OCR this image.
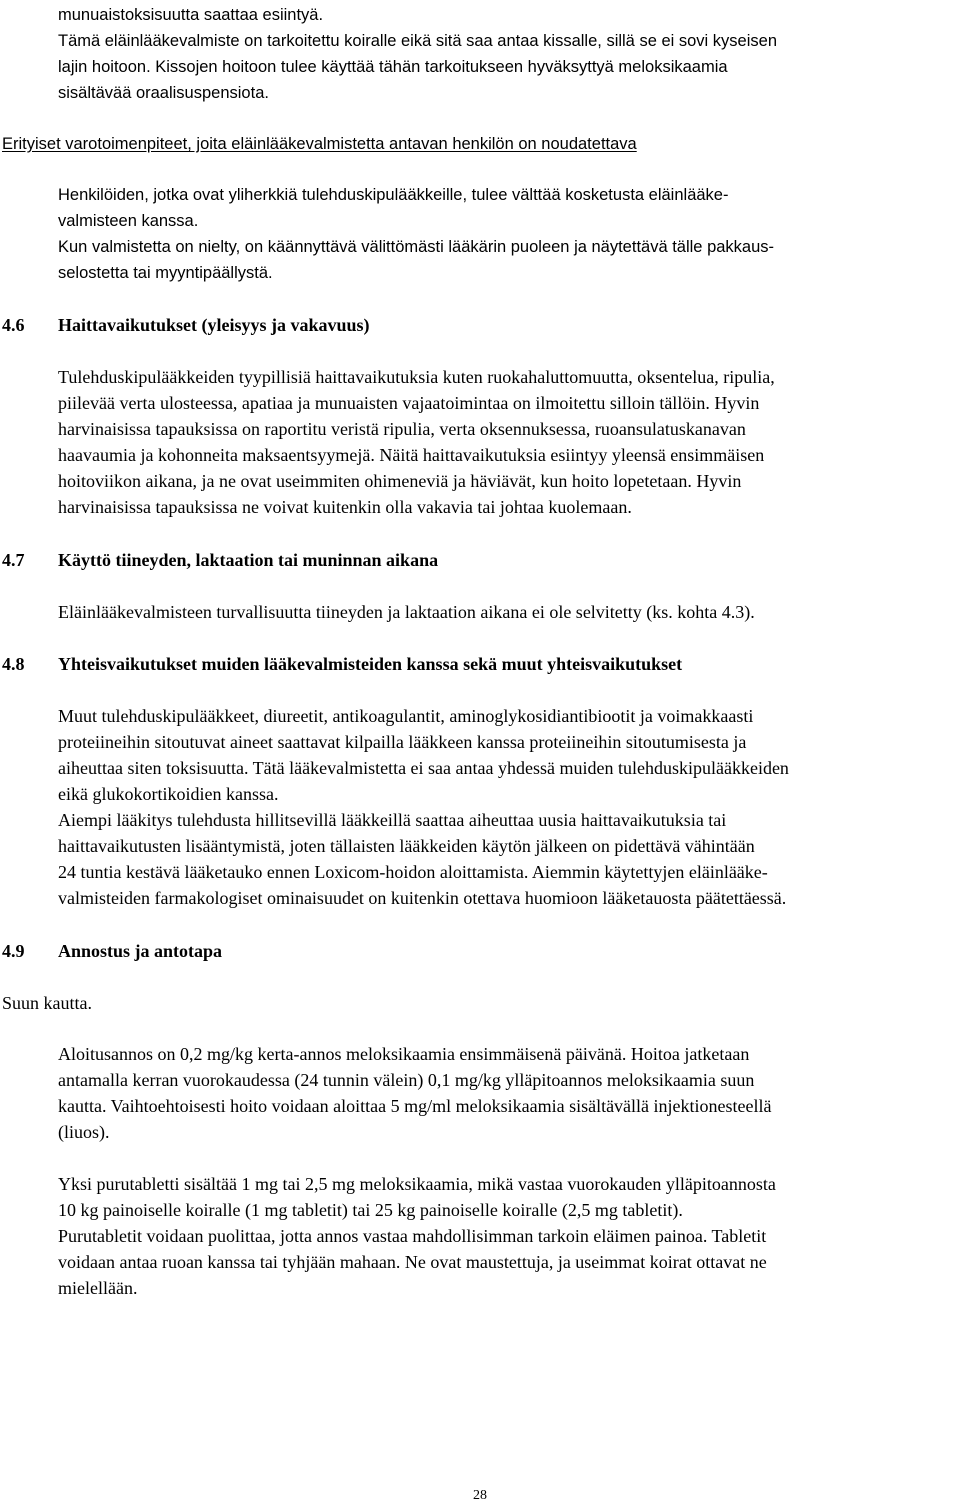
munuaistoksisuutta saattaa esiintyä.
Tämä eläinlääkevalmiste on tarkoitettu koiralle eikä sitä saa antaa kissalle, sillä se ei sovi kyseisen
lajin hoitoon. Kissojen hoitoon tulee käyttää tähän tarkoitukseen hyväksyttyä meloksikaamia
sisältävää oraalisuspensiota.
Erityiset varotoimenpiteet, joita eläinlääkevalmistetta antavan henkilön on noudatettava
Henkilöiden, jotka ovat yliherkkiä tulehduskipulääkkeille, tulee välttää kosketusta eläinlääke-
valmisteen kanssa.
Kun valmistetta on nielty, on käännyttävä välittömästi lääkärin puoleen ja näytettävä tälle pakkaus-
selostetta tai myyntipäällystä.
4.6 Haittavaikutukset (yleisyys ja vakavuus)
Tulehduskipulääkkeiden tyypillisiä haittavaikutuksia kuten ruokahaluttomuutta, oksentelua, ripulia,
piilevää verta ulosteessa, apatiaa ja munuaisten vajaatoimintaa on ilmoitettu silloin tällöin. Hyvin
harvinaisissa tapauksissa on raportitu veristä ripulia, verta oksennuksessa, ruoansulatuskanavan
haavaumia ja kohonneita maksaentsyymejä. Näitä haittavaikutuksia esiintyy yleensä ensimmäisen
hoitoviikon aikana, ja ne ovat useimmiten ohimeneviä ja häviävät, kun hoito lopetetaan. Hyvin
harvinaisissa tapauksissa ne voivat kuitenkin olla vakavia tai johtaa kuolemaan.
4.7 Käyttö tiineyden, laktaation tai muninnan aikana
Eläinlääkevalmisteen turvallisuutta tiineyden ja laktaation aikana ei ole selvitetty (ks. kohta 4.3).
4.8 Yhteisvaikutukset muiden lääkevalmisteiden kanssa sekä muut yhteisvaikutukset
Muut tulehduskipulääkkeet, diureetit, antikoagulantit, aminoglykosidiantibiootit ja voimakkaasti
proteiineihin sitoutuvat aineet saattavat kilpailla lääkkeen kanssa proteiineihin sitoutumisesta ja
aiheuttaa siten toksisuutta. Tätä lääkevalmistetta ei saa antaa yhdessä muiden tulehduskipulääkkeiden
eikä glukokortikoidien kanssa.
Aiempi lääkitys tulehdusta hillitsevillä lääkkeillä saattaa aiheuttaa uusia haittavaikutuksia tai
haittavaikutusten lisääntymistä, joten tällaisten lääkkeiden käytön jälkeen on pidettävä vähintään
24 tuntia kestävä lääketauko ennen Loxicom-hoidon aloittamista. Aiemmin käytettyjen eläinlääke-
valmisteiden farmakologiset ominaisuudet on kuitenkin otettava huomioon lääketauosta päätettäessä.
4.9 Annostus ja antotapa
Suun kautta.
Aloitusannos on 0,2 mg/kg kerta-annos meloksikaamia ensimmäisenä päivänä. Hoitoa jatketaan
antamalla kerran vuorokaudessa (24 tunnin välein) 0,1 mg/kg ylläpitoannos meloksikaamia suun
kautta. Vaihtoehtoisesti hoito voidaan aloittaa 5 mg/ml meloksikaamia sisältävällä injektionesteellä
(liuos).
Yksi purutabletti sisältää 1 mg tai 2,5 mg meloksikaamia, mikä vastaa vuorokauden ylläpitoannosta
10 kg painoiselle koiralle (1 mg tabletit) tai 25 kg painoiselle koiralle (2,5 mg tabletit).
Purutabletit voidaan puolittaa, jotta annos vastaa mahdollisimman tarkoin eläimen painoa. Tabletit
voidaan antaa ruoan kanssa tai tyhjään mahaan. Ne ovat maustettuja, ja useimmat koirat ottavat ne
mielellään.
28
